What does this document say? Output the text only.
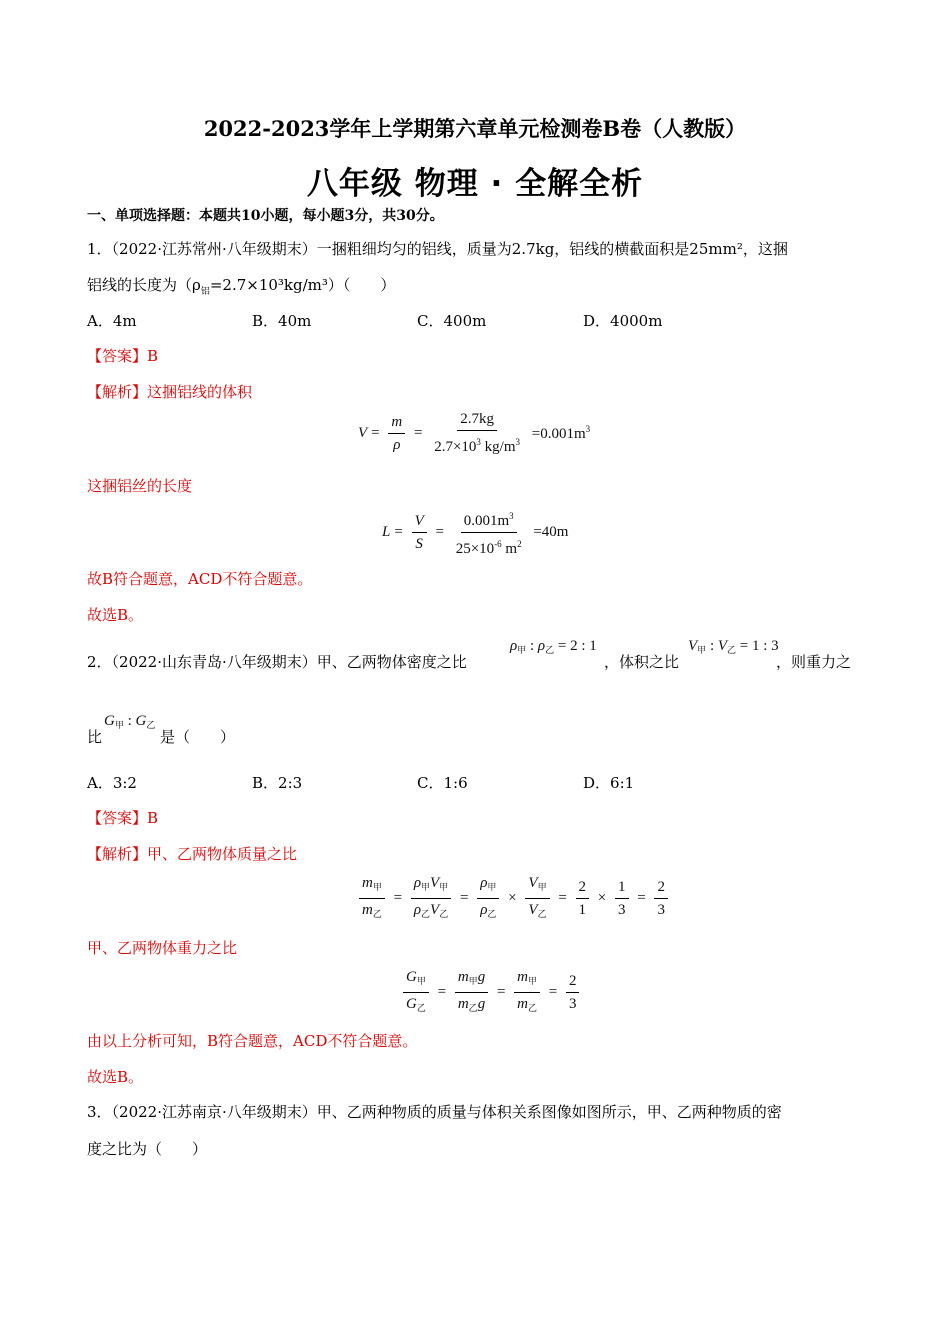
2022-2023学年上学期第六章单元检测卷B卷（人教版）
八年级 物理 · 全解全析
一、单项选择题：本题共10小题，每小题3分，共30分。
1．（2022·江苏常州·八年级期末）一捆粗细均匀的铝线，质量为2.7kg，铝线的横截面积是25mm²，这捆
铝线的长度为$(\rho_铝=2.7\times 10^3kg/m^3)$（　　）
A．4m	B．40m	C．400m	D．4000m
【答案】B
【解析】这捆铝线的体积
$V = \frac{m}{\rho} = \frac{2.7kg}{2.7\times 10^3 kg/m^3} =0.001m^3$
这捆铝丝的长度
$L = \frac{V}{S} = \frac{0.001m^3}{25\times 10^{-6} m^2} =40m$
故B符合题意，ACD不符合题意。
故选B。
2．（2022·山东青岛·八年级期末）甲、乙两物体密度之比
$\rho_甲$ : $\rho_乙 = 2$ : 1
，体积之比
$V_甲$ : $V_乙 = 1$ : 3
，则重力之
比
$G_甲$ : $G_乙$
是（　　）
A．3:2	B．2:3	C．1:6	D．6:1
【答案】B
【解析】甲、乙两物体质量之比
$\frac{m_甲}{m_乙} = \frac{\rho_甲V_甲}{\rho_乙V_乙} = \frac{\rho_甲}{\rho_乙} \times \frac{V_甲}{V_乙} = \frac{2}{1} \times \frac{1}{3} = \frac{2}{3}$
甲、乙两物体重力之比
$\frac{G_甲}{G_乙} = \frac{m_甲g}{m_乙g} = \frac{m_甲}{m_乙} = \frac{2}{3}$
由以上分析可知，B符合题意，ACD不符合题意。
故选B。
3．（2022·江苏南京·八年级期末）甲、乙两种物质的质量与体积关系图像如图所示，甲、乙两种物质的密
度之比为（　　）
